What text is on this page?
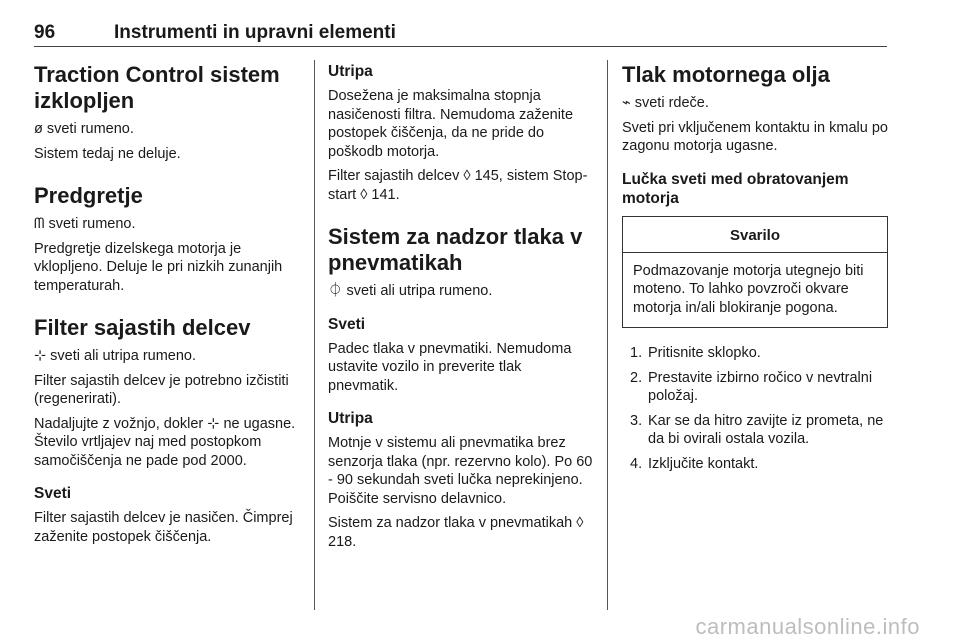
96	Instrumenti in upravni elementi
Traction Control sistem izklopljen

ø sveti rumeno.

Sistem tedaj ne deluje.

Predgretje

ᗰ sveti rumeno.

Predgretje dizelskega motorja je vklopljeno. Deluje le pri nizkih zunanjih temperaturah.

Filter sajastih delcev

⊹ sveti ali utripa rumeno.

Filter sajastih delcev je potrebno izčistiti (regenerirati).

Nadaljujte z vožnjo, dokler ⊹ ne ugasne. Število vrtljajev naj med postopkom samočiščenja ne pade pod 2000.

Sveti

Filter sajastih delcev je nasičen. Čimprej zaženite postopek čiščenja.

Utripa

Dosežena je maksimalna stopnja nasičenosti filtra. Nemudoma zaženite postopek čiščenja, da ne pride do poškodb motorja.

Filter sajastih delcev ◊ 145, sistem Stop-start ◊ 141.

Sistem za nadzor tlaka v pnevmatikah

⏀ sveti ali utripa rumeno.

Sveti

Padec tlaka v pnevmatiki. Nemudoma ustavite vozilo in preverite tlak pnevmatik.

Utripa

Motnje v sistemu ali pnevmatika brez senzorja tlaka (npr. rezervno kolo). Po 60 - 90 sekundah sveti lučka neprekinjeno. Poiščite servisno delavnico.

Sistem za nadzor tlaka v pnevmatikah ◊ 218.

Tlak motornega olja

⌁ sveti rdeče.

Sveti pri vključenem kontaktu in kmalu po zagonu motorja ugasne.

Lučka sveti med obratovanjem motorja
Svarilo
Podmazovanje motorja utegnejo biti moteno. To lahko povzroči okvare motorja in/ali blokiranje pogona.
1. Pritisnite sklopko.
2. Prestavite izbirno ročico v nevtralni položaj.
3. Kar se da hitro zavijte iz prometa, ne da bi ovirali ostala vozila.
4. Izključite kontakt.
carmanualsonline.info
